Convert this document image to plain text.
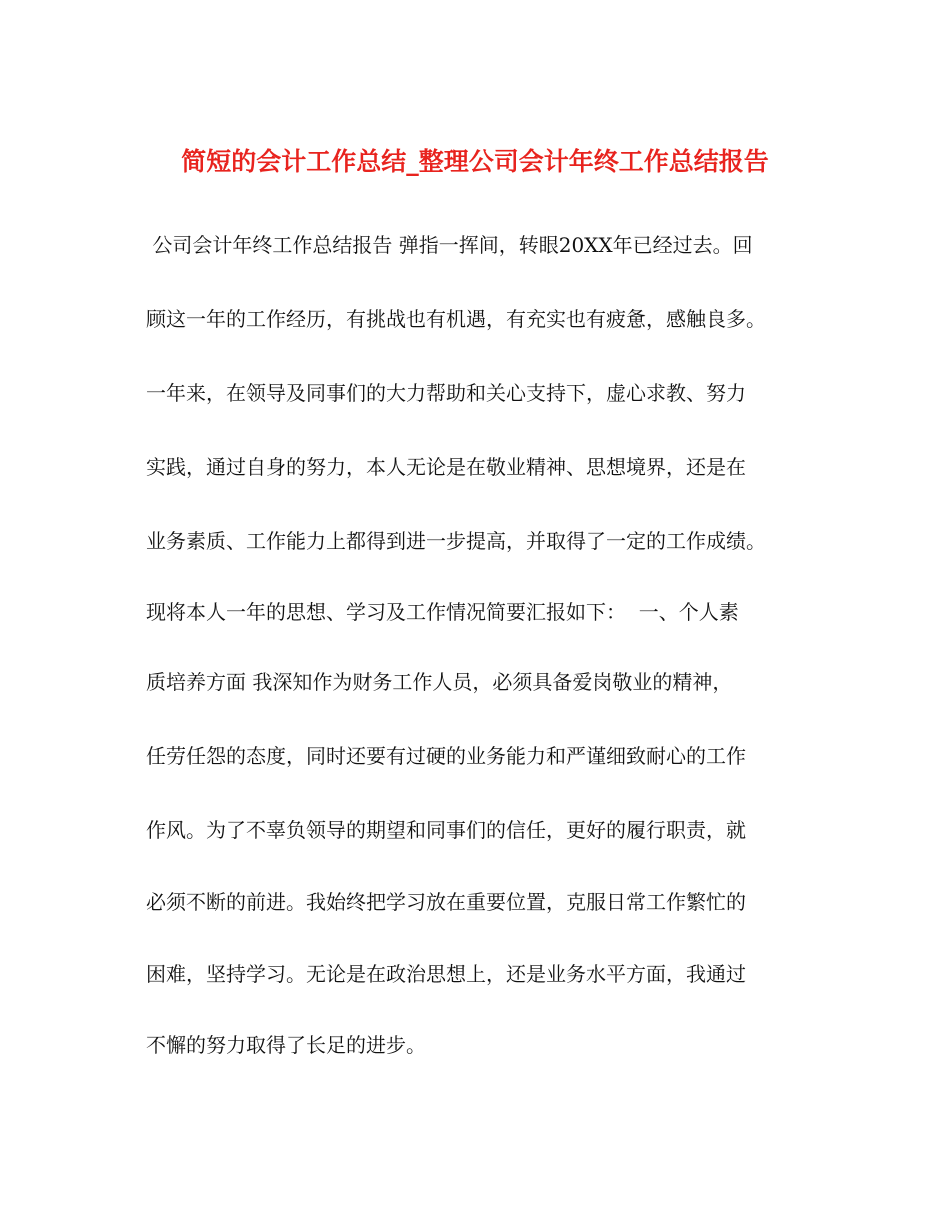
简短的会计工作总结_整理公司会计年终工作总结报告
公司会计年终工作总结报告 弹指一挥间，转眼20XX年已经过去。回
顾这一年的工作经历，有挑战也有机遇，有充实也有疲惫，感触良多。
一年来，在领导及同事们的大力帮助和关心支持下，虚心求教、努力
实践，通过自身的努力，本人无论是在敬业精神、思想境界，还是在
业务素质、工作能力上都得到进一步提高，并取得了一定的工作成绩。
现将本人一年的思想、学习及工作情况简要汇报如下：  一、个人素
质培养方面 我深知作为财务工作人员，必须具备爱岗敬业的精神，
任劳任怨的态度，同时还要有过硬的业务能力和严谨细致耐心的工作
作风。为了不辜负领导的期望和同事们的信任，更好的履行职责，就
必须不断的前进。我始终把学习放在重要位置，克服日常工作繁忙的
困难，坚持学习。无论是在政治思想上，还是业务水平方面，我通过
不懈的努力取得了长足的进步。
